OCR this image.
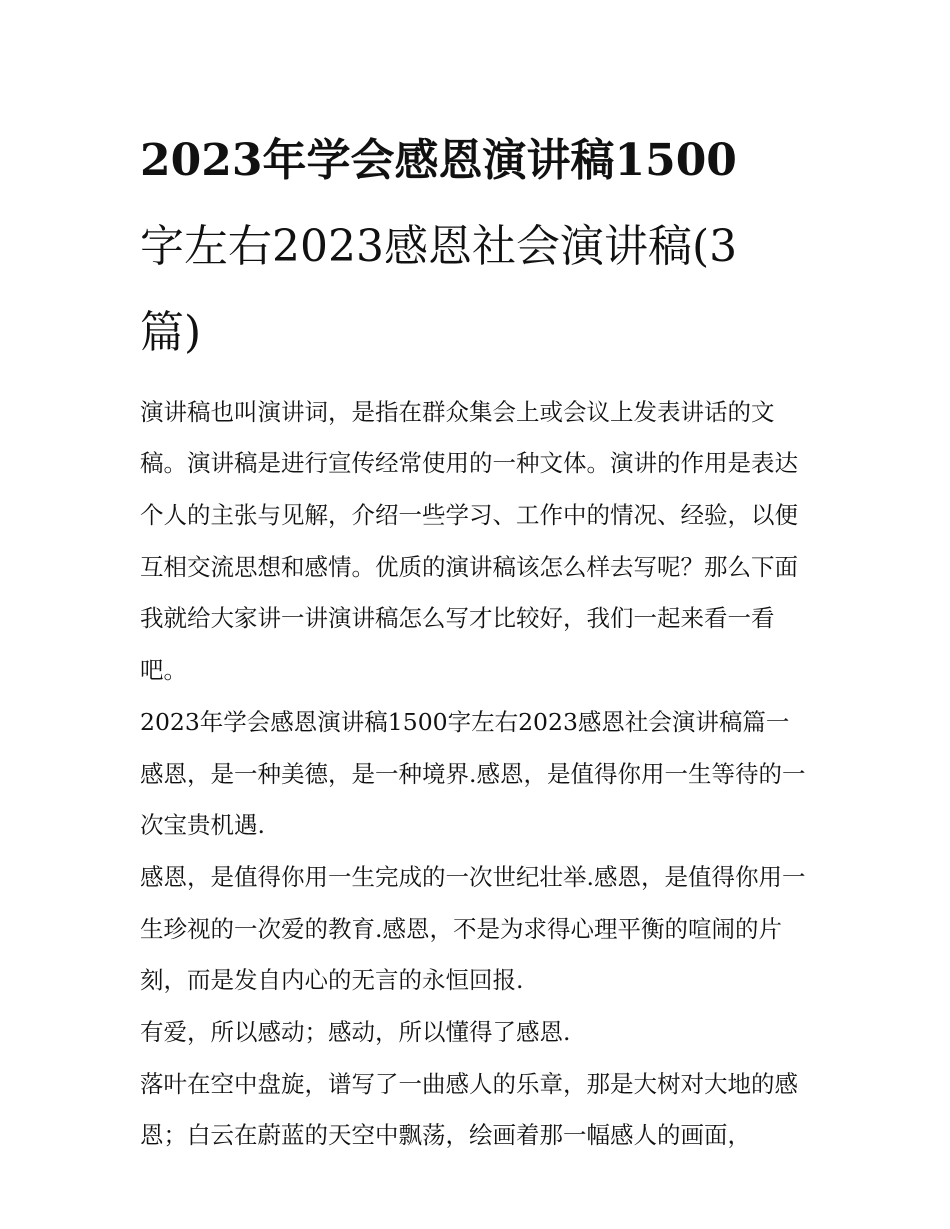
2023年学会感恩演讲稿1500
字左右2023感恩社会演讲稿(3
篇)

演讲稿也叫演讲词，是指在群众集会上或会议上发表讲话的文稿。演讲稿是进行宣传经常使用的一种文体。演讲的作用是表达个人的主张与见解，介绍一些学习、工作中的情况、经验，以便互相交流思想和感情。优质的演讲稿该怎么样去写呢？那么下面我就给大家讲一讲演讲稿怎么写才比较好，我们一起来看一看吧。

2023年学会感恩演讲稿1500字左右2023感恩社会演讲稿篇一

感恩，是一种美德，是一种境界.感恩，是值得你用一生等待的一次宝贵机遇.

感恩，是值得你用一生完成的一次世纪壮举.感恩，是值得你用一生珍视的一次爱的教育.感恩，不是为求得心理平衡的喧闹的片刻，而是发自内心的无言的永恒回报.

有爱，所以感动；感动，所以懂得了感恩.

落叶在空中盘旋，谱写了一曲感人的乐章，那是大树对大地的感恩；白云在蔚蓝的天空中飘荡，绘画着那一幅感人的画面，
